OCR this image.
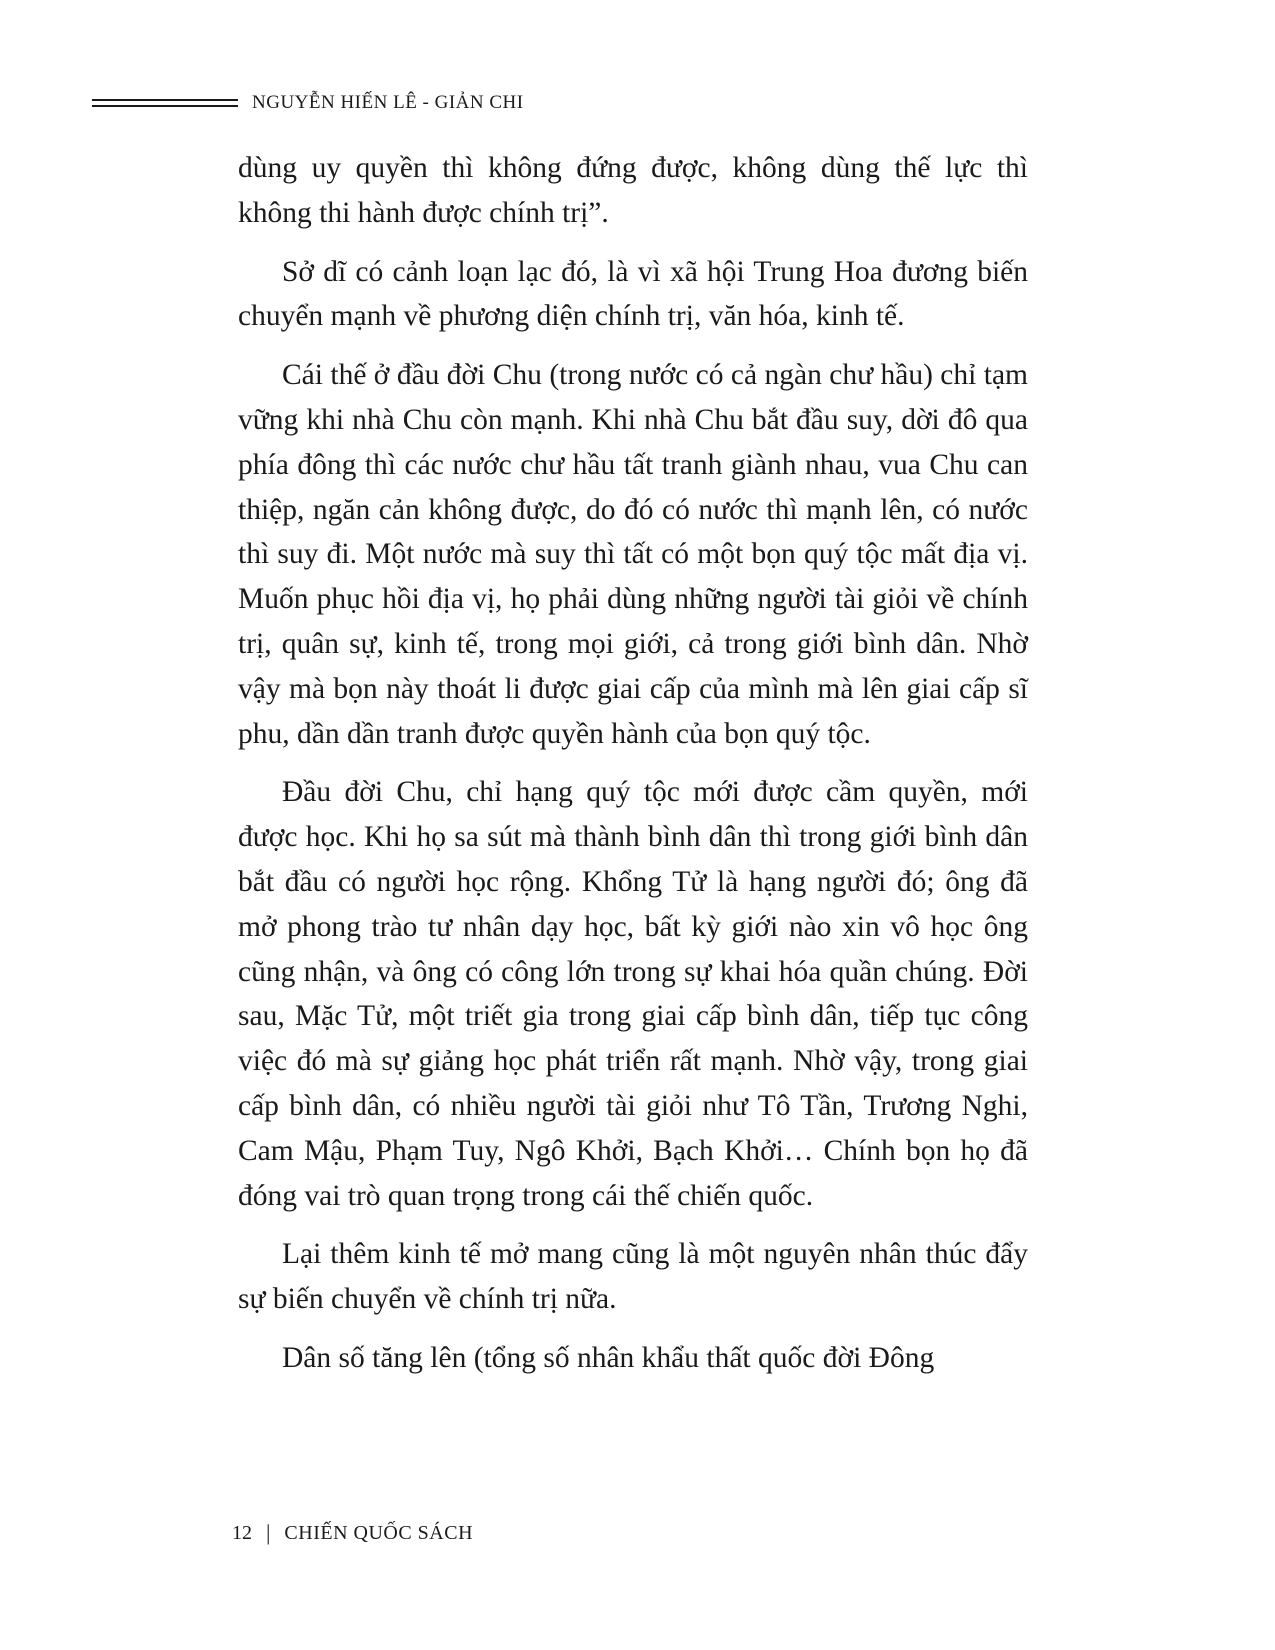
NGUYỄN HIẾN LÊ - GIẢN CHI

dùng uy quyền thì không đứng được, không dùng thế lực thì không thi hành được chính trị”.

Sở dĩ có cảnh loạn lạc đó, là vì xã hội Trung Hoa đương biến chuyển mạnh về phương diện chính trị, văn hóa, kinh tế.

Cái thế ở đầu đời Chu (trong nước có cả ngàn chư hầu) chỉ tạm vững khi nhà Chu còn mạnh. Khi nhà Chu bắt đầu suy, dời đô qua phía đông thì các nước chư hầu tất tranh giành nhau, vua Chu can thiệp, ngăn cản không được, do đó có nước thì mạnh lên, có nước thì suy đi. Một nước mà suy thì tất có một bọn quý tộc mất địa vị. Muốn phục hồi địa vị, họ phải dùng những người tài giỏi về chính trị, quân sự, kinh tế, trong mọi giới, cả trong giới bình dân. Nhờ vậy mà bọn này thoát li được giai cấp của mình mà lên giai cấp sĩ phu, dần dần tranh được quyền hành của bọn quý tộc.

Đầu đời Chu, chỉ hạng quý tộc mới được cầm quyền, mới được học. Khi họ sa sút mà thành bình dân thì trong giới bình dân bắt đầu có người học rộng. Khổng Tử là hạng người đó; ông đã mở phong trào tư nhân dạy học, bất kỳ giới nào xin vô học ông cũng nhận, và ông có công lớn trong sự khai hóa quần chúng. Đời sau, Mặc Tử, một triết gia trong giai cấp bình dân, tiếp tục công việc đó mà sự giảng học phát triển rất mạnh. Nhờ vậy, trong giai cấp bình dân, có nhiều người tài giỏi như Tô Tần, Trương Nghi, Cam Mậu, Phạm Tuy, Ngô Khởi, Bạch Khởi… Chính bọn họ đã đóng vai trò quan trọng trong cái thế chiến quốc.

Lại thêm kinh tế mở mang cũng là một nguyên nhân thúc đẩy sự biến chuyển về chính trị nữa.

Dân số tăng lên (tổng số nhân khẩu thất quốc đời Đông

12 | CHIẾN QUỐC SÁCH
